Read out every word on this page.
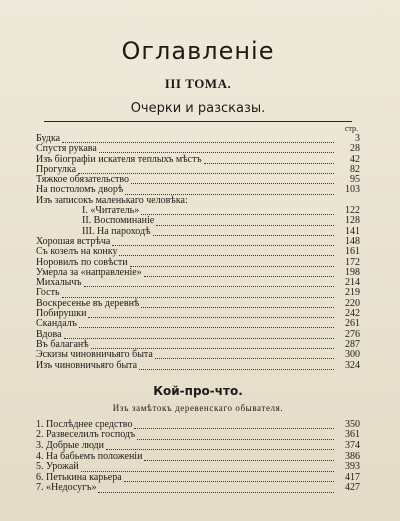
Оглавленiе
III ТОМА.
Очерки и разсказы.
стр.
Будка	3
Спустя рукава	28
Изъ бiографiи искателя теплыхъ мѣстъ	42
Прогулка	82
Тяжкое обязательство	95
На постоломъ дворѣ	103
Изъ записокъ маленькаго человѣка:
I. «Читатель»	122
II. Воспоминанiе	128
III. На пароходѣ	141
Хорошая встрѣча	148
Съ козелъ на конку	161
Норовилъ по совѣсти	172
Умерла за «направленiе»	198
Михалычъ	214
Гость	219
Воскресенье въ деревнѣ	220
Побирушки	242
Скандалъ	261
Вдова	276
Въ балаганѣ	287
Эскизы чиновничьяго быта	300
Изъ чиновничьяго быта	324
Кой-про-что.
Изъ замѣтокъ деревенскаго обывателя.
1. Послѣднее средство	350
2. Развеселилъ господъ	361
3. Добрые люди	374
4. На бабьемъ положенiи	386
5. Урожай	393
6. Петькина карьера	417
7. «Недосугъ»	427
